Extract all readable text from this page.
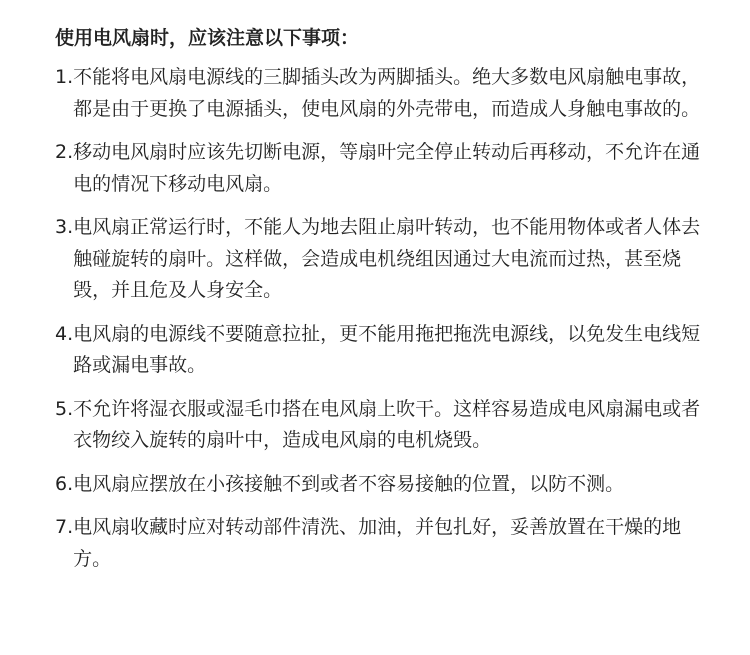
使用电风扇时，应该注意以下事项：
1. 不能将电风扇电源线的三脚插头改为两脚插头。绝大多数电风扇触电事故，都是由于更换了电源插头，使电风扇的外壳带电，而造成人身触电事故的。
2. 移动电风扇时应该先切断电源，等扇叶完全停止转动后再移动，不允许在通电的情况下移动电风扇。
3. 电风扇正常运行时，不能人为地去阻止扇叶转动，也不能用物体或者人体去触碰旋转的扇叶。这样做，会造成电机绕组因通过大电流而过热，甚至烧毁，并且危及人身安全。
4. 电风扇的电源线不要随意拉扯，更不能用拖把拖洗电源线，以免发生电线短路或漏电事故。
5. 不允许将湿衣服或湿毛巾搭在电风扇上吹干。这样容易造成电风扇漏电或者衣物绞入旋转的扇叶中，造成电风扇的电机烧毁。
6. 电风扇应摆放在小孩接触不到或者不容易接触的位置，以防不测。
7. 电风扇收藏时应对转动部件清洗、加油，并包扎好，妥善放置在干燥的地方。
